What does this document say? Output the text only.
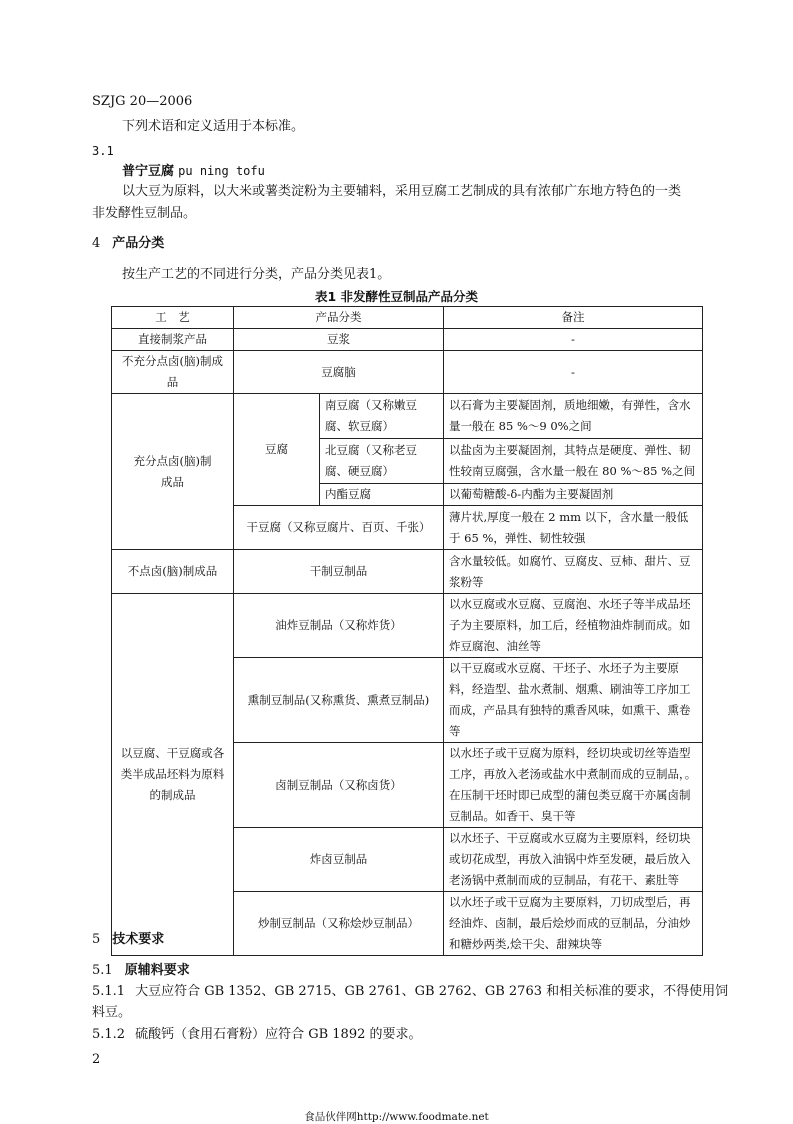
SZJG 20—2006
下列术语和定义适用于本标准。
3.1
普宁豆腐 pu ning tofu
以大豆为原料，以大米或薯类淀粉为主要辅料，采用豆腐工艺制成的具有浓郁广东地方特色的一类
非发酵性豆制品。
4 产品分类
按生产工艺的不同进行分类，产品分类见表1。
表1 非发酵性豆制品产品分类
工　艺	产品分类		备注
直接制浆产品	豆浆		-
不充分点卤(脑)制成品	豆腐脑		-
充分点卤(脑)制成品	豆腐	南豆腐（又称嫩豆腐、软豆腐）	以石膏为主要凝固剂，质地细嫩，有弹性，含水量一般在 85 %～9 0%之间
		北豆腐（又称老豆腐、硬豆腐）	以盐卤为主要凝固剂，其特点是硬度、弹性、韧性较南豆腐强，含水量一般在 80 %～85 %之间
		内酯豆腐	以葡萄糖酸-δ-内酯为主要凝固剂
	干豆腐（又称豆腐片、百页、千张）		薄片状,厚度一般在 2 mm 以下，含水量一般低于 65 %，弹性、韧性较强
不点卤(脑)制成品	干制豆制品		含水量较低。如腐竹、豆腐皮、豆柿、甜片、豆浆粉等
以豆腐、干豆腐或各类半成品坯料为原料的制成品	油炸豆制品（又称炸货）		以水豆腐或水豆腐、豆腐泡、水坯子等半成品坯子为主要原料，加工后，经植物油炸制而成。如炸豆腐泡、油丝等
	熏制豆制品(又称熏货、熏煮豆制品)		以干豆腐或水豆腐、干坯子、水坯子为主要原料，经造型、盐水煮制、烟熏、刷油等工序加工而成，产品具有独特的熏香风味，如熏干、熏卷等
	卤制豆制品（又称卤货）		以水坯子或干豆腐为原料，经切块或切丝等造型工序，再放入老汤或盐水中煮制而成的豆制品，。在压制干坯时即已成型的蒲包类豆腐干亦属卤制豆制品。如香干、臭干等
	炸卤豆制品		以水坯子、干豆腐或水豆腐为主要原料，经切块或切花成型，再放入油锅中炸至发硬，最后放入老汤锅中煮制而成的豆制品，有花干、素肚等
	炒制豆制品（又称烩炒豆制品）		以水坯子或干豆腐为主要原料，刀切成型后，再经油炸、卤制，最后烩炒而成的豆制品，分油炒和糖炒两类,烩干尖、甜辣块等
5 技术要求
5.1 原辅料要求
5.1.1 大豆应符合 GB 1352、GB 2715、GB 2761、GB 2762、GB 2763 和相关标准的要求，不得使用饲
料豆。
5.1.2 硫酸钙（食用石膏粉）应符合 GB 1892 的要求。
2
食品伙伴网http://www.foodmate.net
